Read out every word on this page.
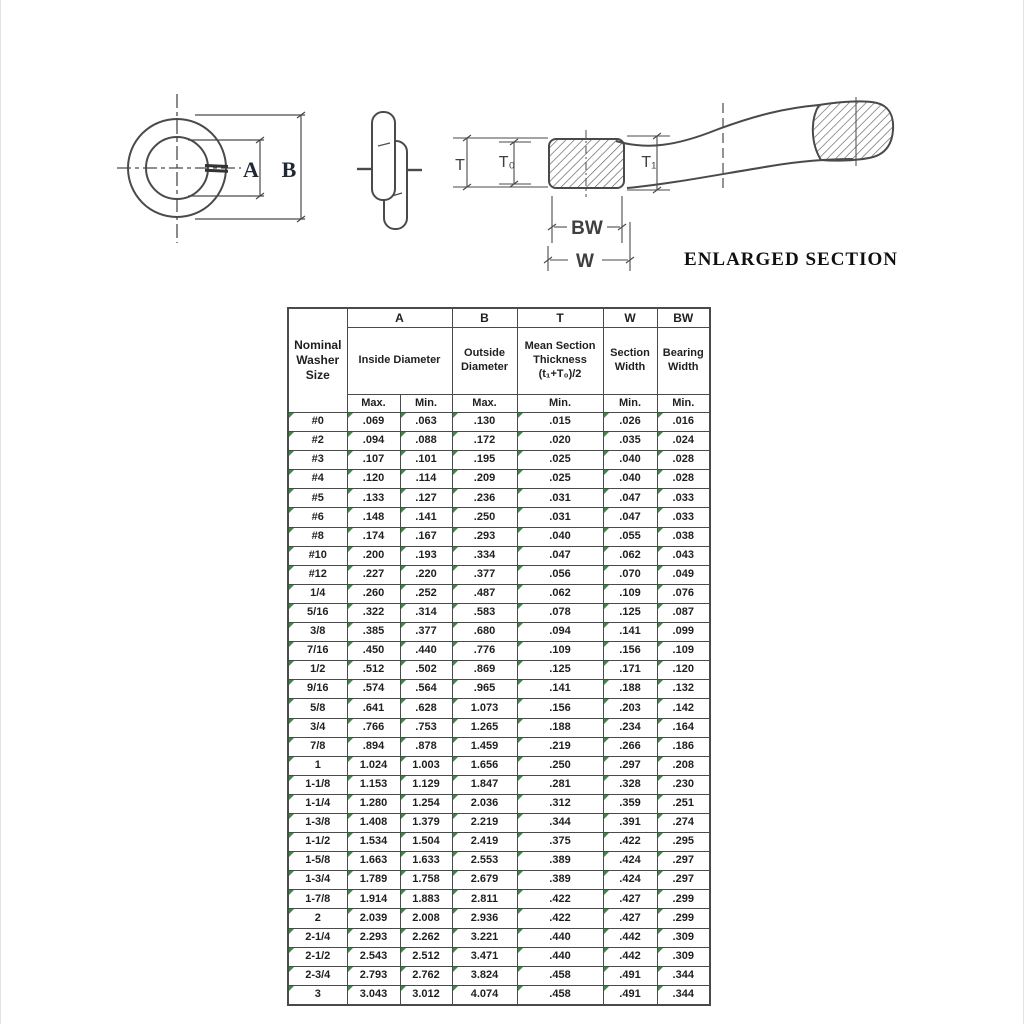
A B	T T₀	T₁
BW
W	ENLARGED SECTION
Nominal Washer Size	A		B	T	W	BW
	Inside Diameter		Outside Diameter	Mean Section Thickness (t₁+T₀)/2	Section Width	Bearing Width
	Max.	Min.	Max.	Min.	Min.	Min.
#0	.069	.063	.130	.015	.026	.016
#2	.094	.088	.172	.020	.035	.024
#3	.107	.101	.195	.025	.040	.028
#4	.120	.114	.209	.025	.040	.028
#5	.133	.127	.236	.031	.047	.033
#6	.148	.141	.250	.031	.047	.033
#8	.174	.167	.293	.040	.055	.038
#10	.200	.193	.334	.047	.062	.043
#12	.227	.220	.377	.056	.070	.049
1/4	.260	.252	.487	.062	.109	.076
5/16	.322	.314	.583	.078	.125	.087
3/8	.385	.377	.680	.094	.141	.099
7/16	.450	.440	.776	.109	.156	.109
1/2	.512	.502	.869	.125	.171	.120
9/16	.574	.564	.965	.141	.188	.132
5/8	.641	.628	1.073	.156	.203	.142
3/4	.766	.753	1.265	.188	.234	.164
7/8	.894	.878	1.459	.219	.266	.186
1	1.024	1.003	1.656	.250	.297	.208
1-1/8	1.153	1.129	1.847	.281	.328	.230
1-1/4	1.280	1.254	2.036	.312	.359	.251
1-3/8	1.408	1.379	2.219	.344	.391	.274
1-1/2	1.534	1.504	2.419	.375	.422	.295
1-5/8	1.663	1.633	2.553	.389	.424	.297
1-3/4	1.789	1.758	2.679	.389	.424	.297
1-7/8	1.914	1.883	2.811	.422	.427	.299
2	2.039	2.008	2.936	.422	.427	.299
2-1/4	2.293	2.262	3.221	.440	.442	.309
2-1/2	2.543	2.512	3.471	.440	.442	.309
2-3/4	2.793	2.762	3.824	.458	.491	.344
3	3.043	3.012	4.074	.458	.491	.344
